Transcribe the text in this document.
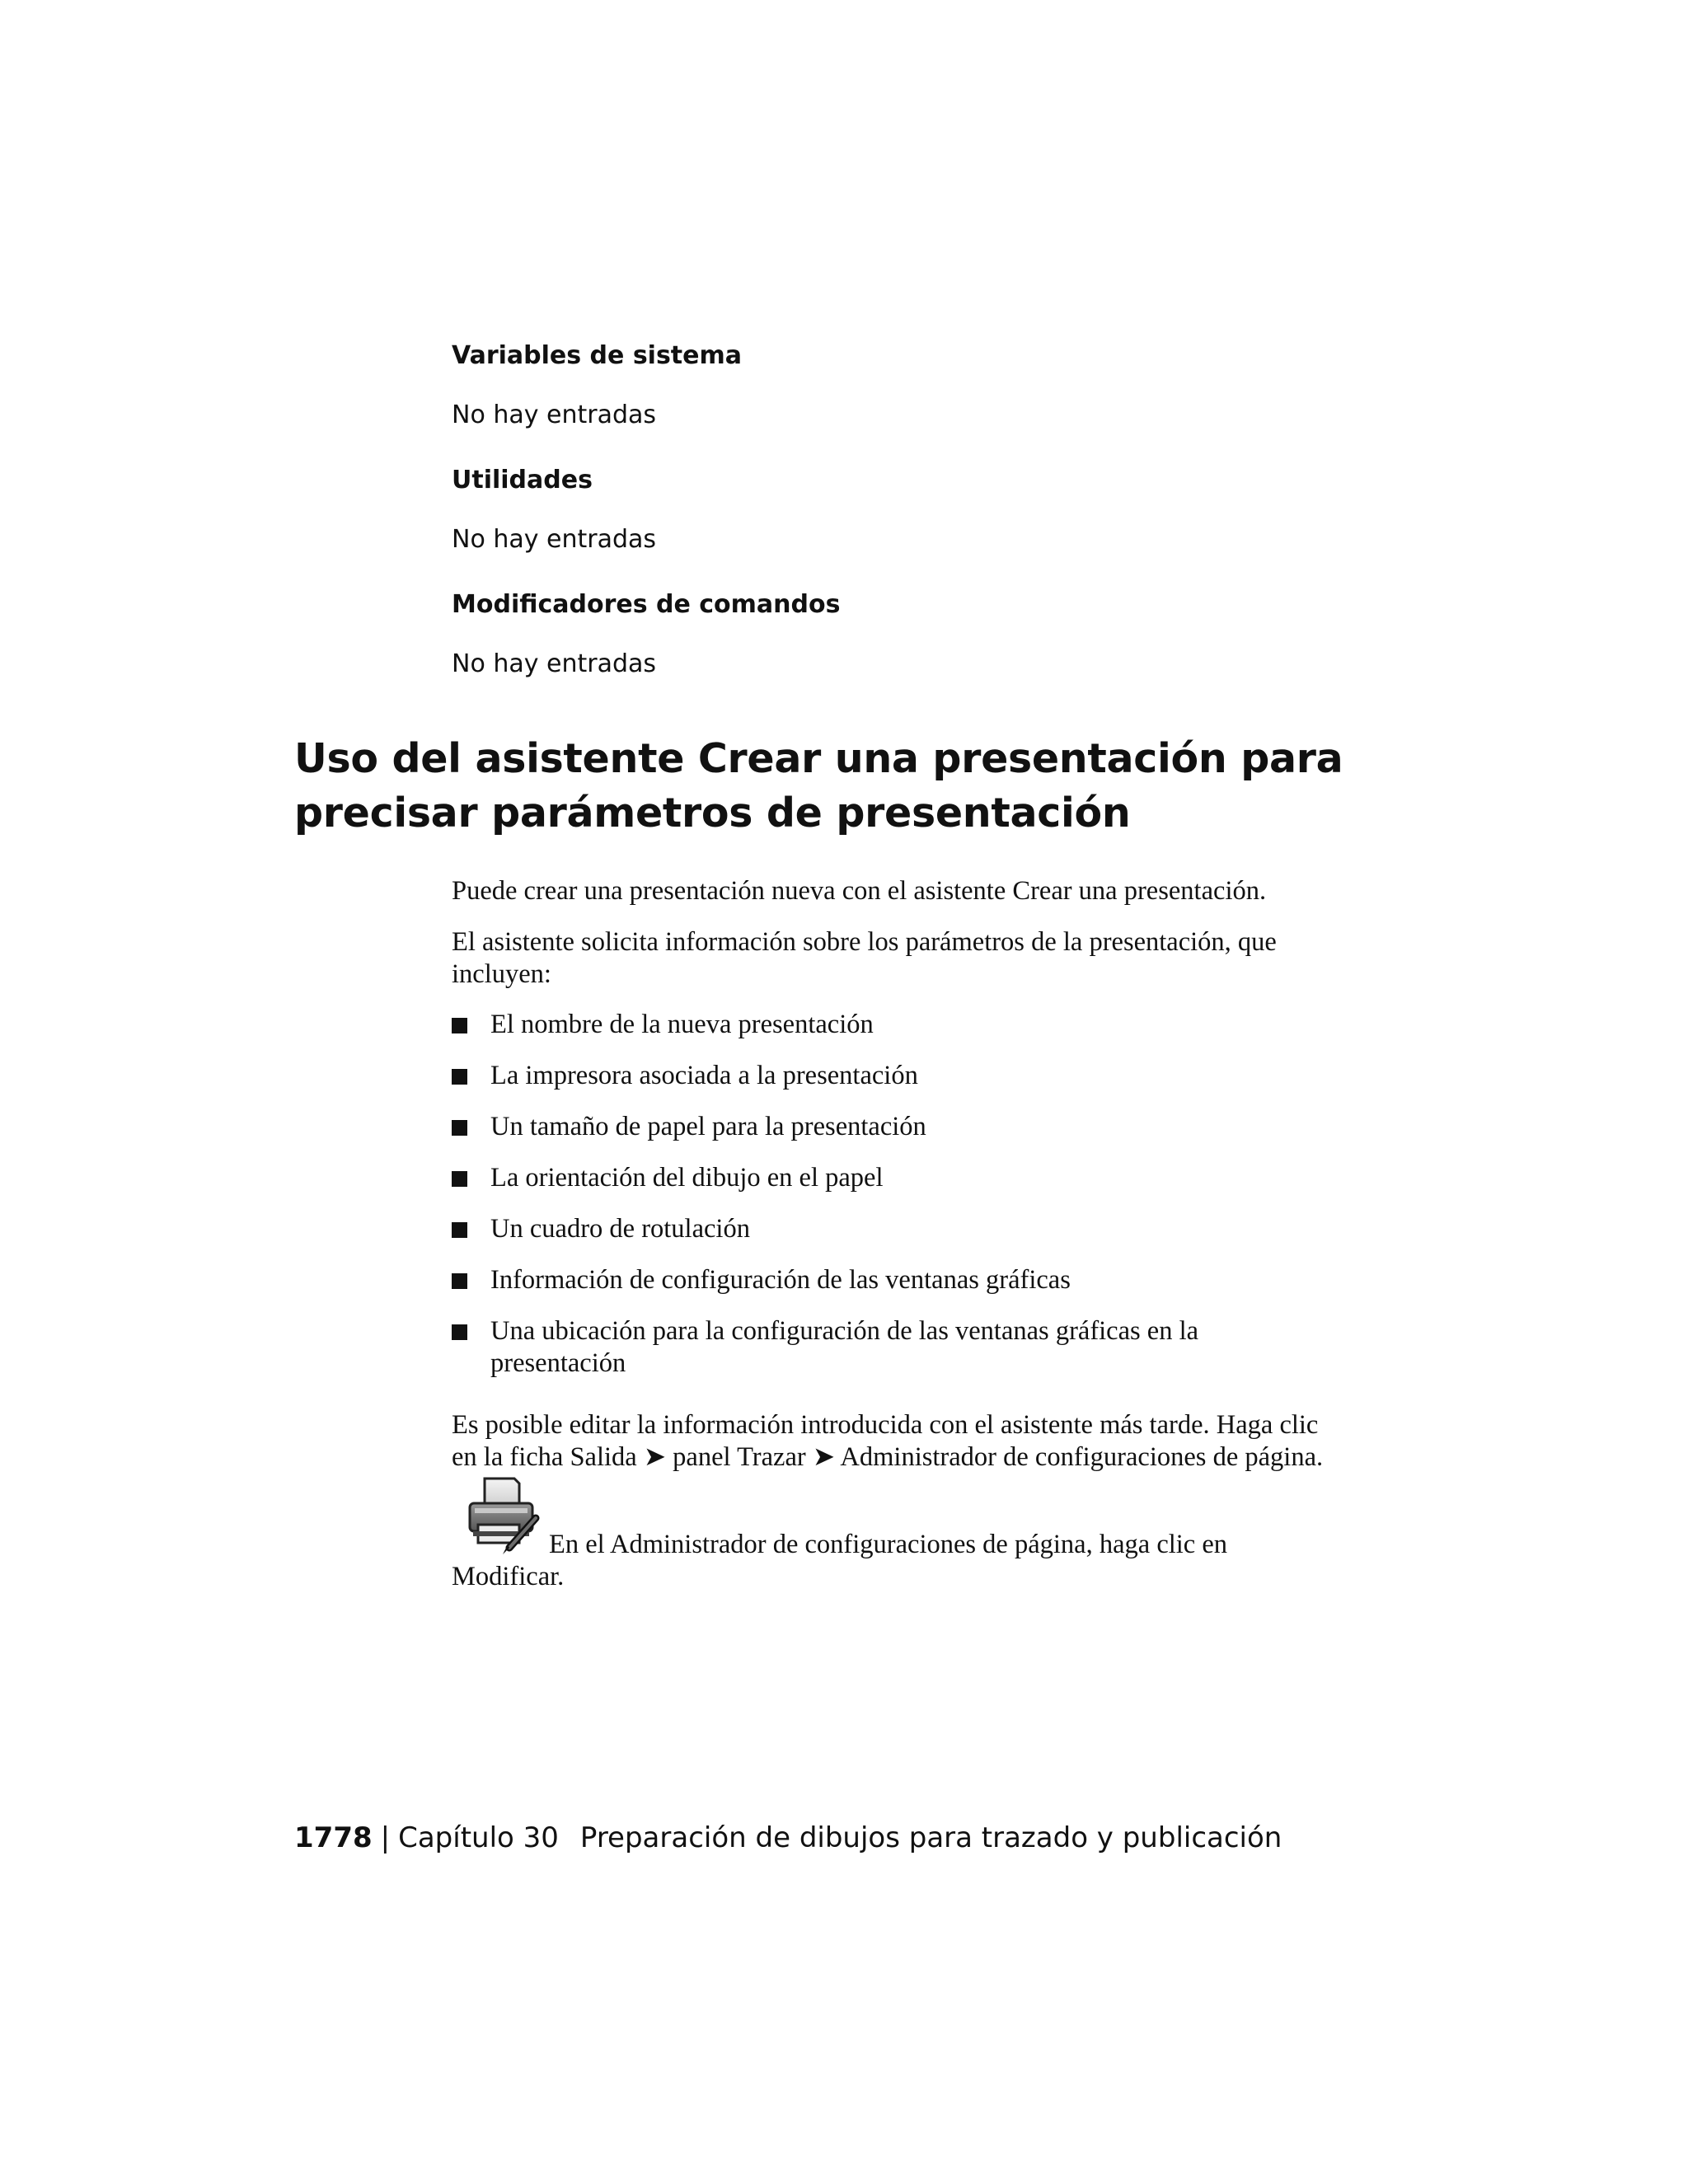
Variables de sistema

No hay entradas

Utilidades

No hay entradas

Modificadores de comandos

No hay entradas

Uso del asistente Crear una presentación para precisar parámetros de presentación

Puede crear una presentación nueva con el asistente Crear una presentación.

El asistente solicita información sobre los parámetros de la presentación, que incluyen:

El nombre de la nueva presentación
La impresora asociada a la presentación
Un tamaño de papel para la presentación
La orientación del dibujo en el papel
Un cuadro de rotulación
Información de configuración de las ventanas gráficas
Una ubicación para la configuración de las ventanas gráficas en la presentación

Es posible editar la información introducida con el asistente más tarde. Haga clic en la ficha Salida ➤ panel Trazar ➤ Administrador de configuraciones de página.En el Administrador de configuraciones de página, haga clic en Modificar.

1778 | Capítulo 30 Preparación de dibujos para trazado y publicación
